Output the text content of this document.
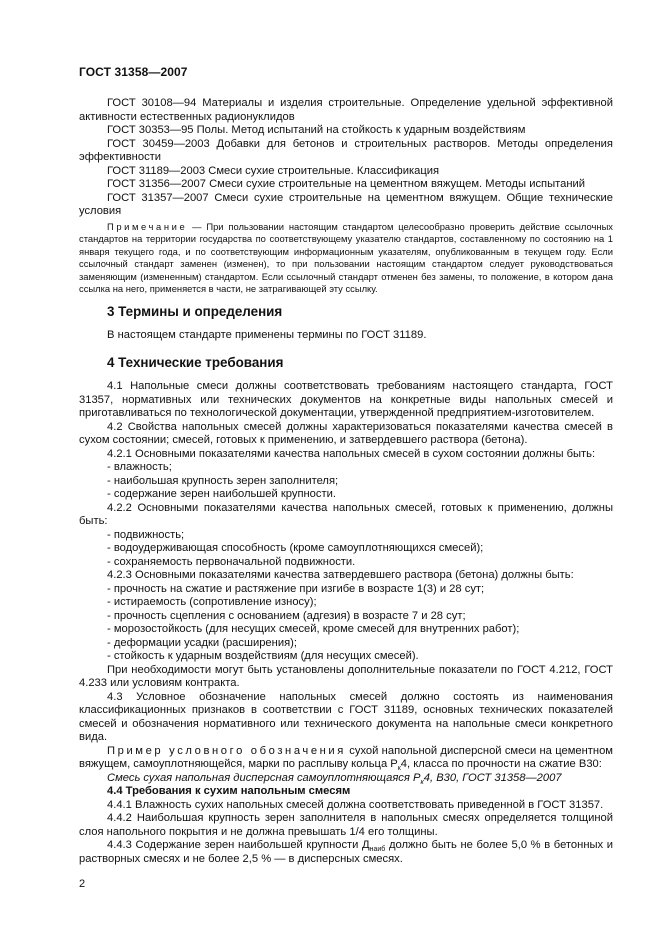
ГОСТ 31358—2007

ГОСТ 30108—94 Материалы и изделия строительные. Определение удельной эффективной активности естественных радионуклидов

ГОСТ 30353—95 Полы. Метод испытаний на стойкость к ударным воздействиям

ГОСТ 30459—2003 Добавки для бетонов и строительных растворов. Методы определения эффективности

ГОСТ 31189—2003 Смеси сухие строительные. Классификация

ГОСТ 31356—2007 Смеси сухие строительные на цементном вяжущем. Методы испытаний

ГОСТ 31357—2007 Смеси сухие строительные на цементном вяжущем. Общие технические условия

Примечание — При пользовании настоящим стандартом целесообразно проверить действие ссылочных стандартов на территории государства по соответствующему указателю стандартов, составленному по состоянию на 1 января текущего года, и по соответствующим информационным указателям, опубликованным в текущем году. Если ссылочный стандарт заменен (изменен), то при пользовании настоящим стандартом следует руководствоваться заменяющим (измененным) стандартом. Если ссылочный стандарт отменен без замены, то положение, в котором дана ссылка на него, применяется в части, не затрагивающей эту ссылку.

3 Термины и определения

В настоящем стандарте применены термины по ГОСТ 31189.

4 Технические требования

4.1 Напольные смеси должны соответствовать требованиям настоящего стандарта, ГОСТ 31357, нормативных или технических документов на конкретные виды напольных смесей и приготавливаться по технологической документации, утвержденной предприятием-изготовителем.

4.2 Свойства напольных смесей должны характеризоваться показателями качества смесей в сухом состоянии; смесей, готовых к применению, и затвердевшего раствора (бетона).

4.2.1 Основными показателями качества напольных смесей в сухом состоянии должны быть:

- влажность;

- наибольшая крупность зерен заполнителя;

- содержание зерен наибольшей крупности.

4.2.2 Основными показателями качества напольных смесей, готовых к применению, должны быть:

- подвижность;

- водоудерживающая способность (кроме самоуплотняющихся смесей);

- сохраняемость первоначальной подвижности.

4.2.3 Основными показателями качества затвердевшего раствора (бетона) должны быть:

- прочность на сжатие и растяжение при изгибе в возрасте 1(3) и 28 сут;

- истираемость (сопротивление износу);

- прочность сцепления с основанием (адгезия) в возрасте 7 и 28 сут;

- морозостойкость (для несущих смесей, кроме смесей для внутренних работ);

- деформации усадки (расширения);

- стойкость к ударным воздействиям (для несущих смесей).

При необходимости могут быть установлены дополнительные показатели по ГОСТ 4.212, ГОСТ 4.233 или условиям контракта.

4.3 Условное обозначение напольных смесей должно состоять из наименования классификационных признаков в соответствии с ГОСТ 31189, основных технических показателей смесей и обозначения нормативного или технического документа на напольные смеси конкретного вида.

Пример условного обозначения сухой напольной дисперсной смеси на цементном вяжущем, самоуплотняющейся, марки по расплыву кольца $Р_к4$, класса по прочности на сжатие В30:

Смесь сухая напольная дисперсная самоуплотняющаяся $Р_к4$, В30, ГОСТ 31358—2007

4.4 Требования к сухим напольным смесям

4.4.1 Влажность сухих напольных смесей должна соответствовать приведенной в ГОСТ 31357.

4.4.2 Наибольшая крупность зерен заполнителя в напольных смесях определяется толщиной слоя напольного покрытия и не должна превышать 1/4 его толщины.

4.4.3 Содержание зерен наибольшей крупности $Д_{наиб}$ должно быть не более 5,0 % в бетонных и растворных смесях и не более 2,5 % — в дисперсных смесях.

2
